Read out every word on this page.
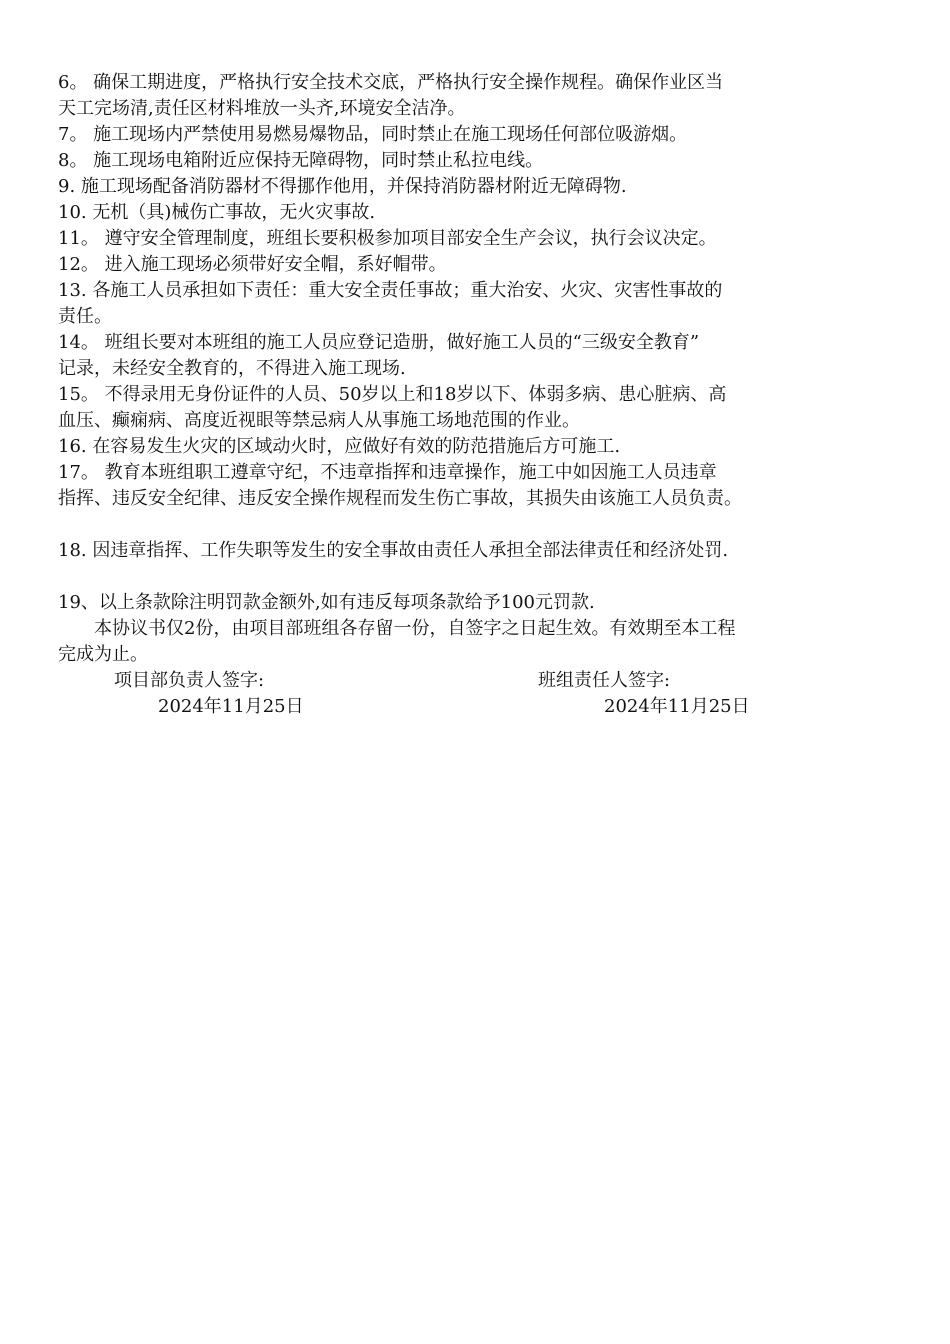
6。 确保工期进度，严格执行安全技术交底，严格执行安全操作规程。确保作业区当
天工完场清,责任区材料堆放一头齐,环境安全洁净。
7。 施工现场内严禁使用易燃易爆物品，同时禁止在施工现场任何部位吸游烟。
8。 施工现场电箱附近应保持无障碍物，同时禁止私拉电线。
9. 施工现场配备消防器材不得挪作他用，并保持消防器材附近无障碍物.
10. 无机（具)械伤亡事故，无火灾事故.
11。 遵守安全管理制度，班组长要积极参加项目部安全生产会议，执行会议决定。
12。 进入施工现场必须带好安全帽，系好帽带。
13. 各施工人员承担如下责任：重大安全责任事故；重大治安、火灾、灾害性事故的
责任。
14。 班组长要对本班组的施工人员应登记造册，做好施工人员的“三级安全教育”
记录，未经安全教育的，不得进入施工现场.
15。 不得录用无身份证件的人员、50岁以上和18岁以下、体弱多病、患心脏病、高
血压、癫痫病、高度近视眼等禁忌病人从事施工场地范围的作业。
16. 在容易发生火灾的区域动火时，应做好有效的防范措施后方可施工.
17。 教育本班组职工遵章守纪，不违章指挥和违章操作，施工中如因施工人员违章
指挥、违反安全纪律、违反安全操作规程而发生伤亡事故，其损失由该施工人员负责。
18. 因违章指挥、工作失职等发生的安全事故由责任人承担全部法律责任和经济处罚.
19、以上条款除注明罚款金额外,如有违反每项条款给予100元罚款.
本协议书仅2份，由项目部班组各存留一份，自签字之日起生效。有效期至本工程
完成为止。
项目部负责人签字:	班组责任人签字:
2024年11月25日	2024年11月25日
